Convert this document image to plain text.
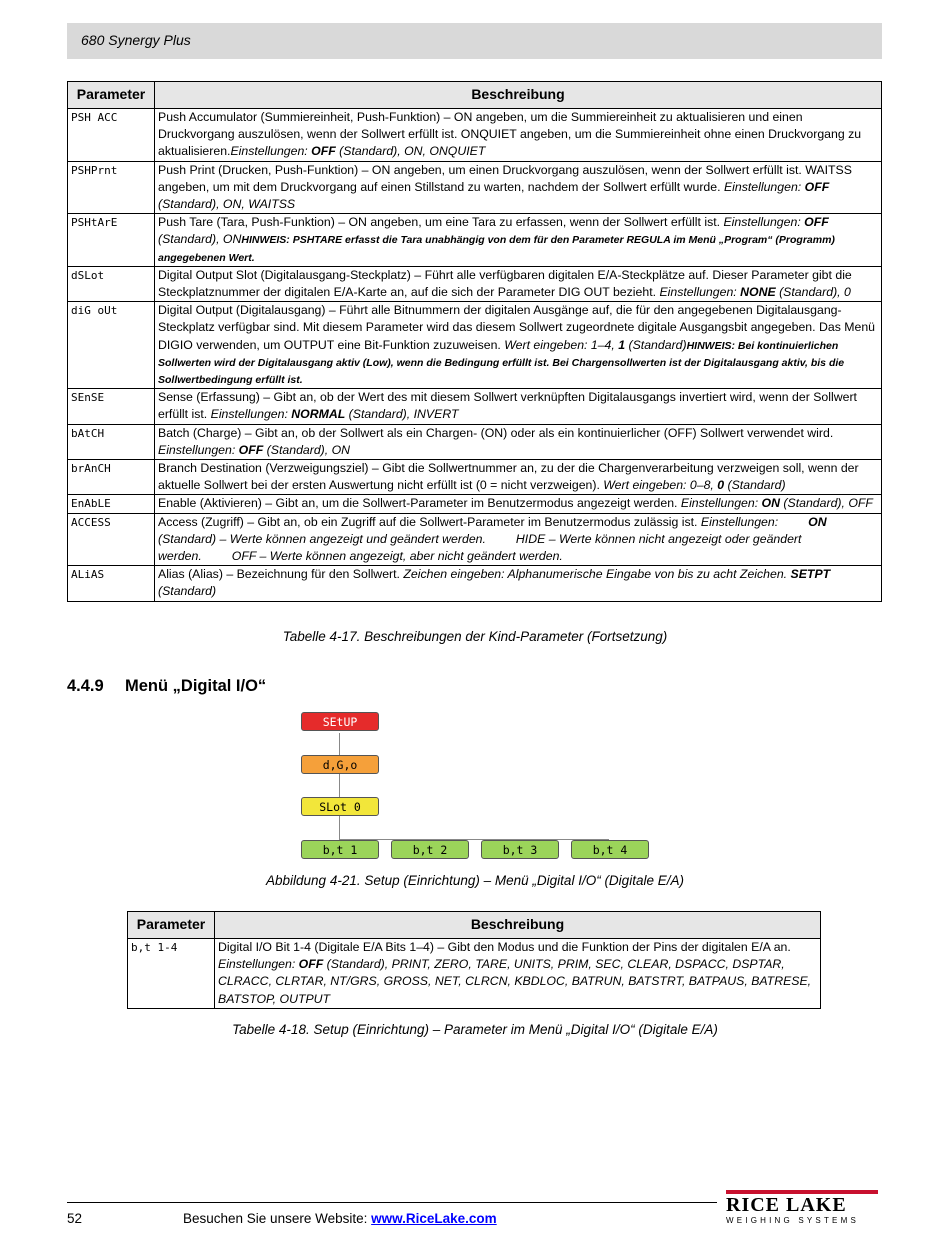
680 Synergy Plus
Parameter	Beschreibung
PSH ACC	Push Accumulator (Summiereinheit, Push-Funktion) – ON angeben, um die Summiereinheit zu aktualisieren und einen Druckvorgang auszulösen, wenn der Sollwert erfüllt ist. ONQUIET angeben, um die Summiereinheit ohne einen Druckvorgang zu aktualisieren.Einstellungen: OFF (Standard), ON, ONQUIET
PSHPrnt	Push Print (Drucken, Push-Funktion) – ON angeben, um einen Druckvorgang auszulösen, wenn der Sollwert erfüllt ist. WAITSS angeben, um mit dem Druckvorgang auf einen Stillstand zu warten, nachdem der Sollwert erfüllt wurde. Einstellungen: OFF (Standard), ON, WAITSS
PSHtArE	Push Tare (Tara, Push-Funktion) – ON angeben, um eine Tara zu erfassen, wenn der Sollwert erfüllt ist. Einstellungen: OFF (Standard), ONHINWEIS: PSHTARE erfasst die Tara unabhängig von dem für den Parameter REGULA im Menü „Program“ (Programm) angegebenen Wert.
dSLot	Digital Output Slot (Digitalausgang-Steckplatz) – Führt alle verfügbaren digitalen E/A-Steckplätze auf. Dieser Parameter gibt die Steckplatznummer der digitalen E/A-Karte an, auf die sich der Parameter DIG OUT bezieht. Einstellungen: NONE (Standard), 0
diG oUt	Digital Output (Digitalausgang) – Führt alle Bitnummern der digitalen Ausgänge auf, die für den angegebenen Digitalausgang-Steckplatz verfügbar sind. Mit diesem Parameter wird das diesem Sollwert zugeordnete digitale Ausgangsbit angegeben. Das Menü DIGIO verwenden, um OUTPUT eine Bit-Funktion zuzuweisen. Wert eingeben: 1–4, 1 (Standard)HINWEIS: Bei kontinuierlichen Sollwerten wird der Digitalausgang aktiv (Low), wenn die Bedingung erfüllt ist. Bei Chargensollwerten ist der Digitalausgang aktiv, bis die Sollwertbedingung erfüllt ist.
SEnSE	Sense (Erfassung) – Gibt an, ob der Wert des mit diesem Sollwert verknüpften Digitalausgangs invertiert wird, wenn der Sollwert erfüllt ist. Einstellungen: NORMAL (Standard), INVERT
bAtCH	Batch (Charge) – Gibt an, ob der Sollwert als ein Chargen- (ON) oder als ein kontinuierlicher (OFF) Sollwert verwendet wird. Einstellungen: OFF (Standard), ON
brAnCH	Branch Destination (Verzweigungsziel) – Gibt die Sollwertnummer an, zu der die Chargenverarbeitung verzweigen soll, wenn der aktuelle Sollwert bei der ersten Auswertung nicht erfüllt ist (0 = nicht verzweigen). Wert eingeben: 0–8, 0 (Standard)
EnAbLE	Enable (Aktivieren) – Gibt an, um die Sollwert-Parameter im Benutzermodus angezeigt werden. Einstellungen: ON (Standard), OFF
ACCESS	Access (Zugriff) – Gibt an, ob ein Zugriff auf die Sollwert-Parameter im Benutzermodus zulässig ist. Einstellungen: ON (Standard) – Werte können angezeigt und geändert werden. HIDE – Werte können nicht angezeigt oder geändert werden. OFF – Werte können angezeigt, aber nicht geändert werden.
ALiAS	Alias (Alias) – Bezeichnung für den Sollwert. Zeichen eingeben: Alphanumerische Eingabe von bis zu acht Zeichen. SETPT (Standard)
Tabelle 4-17. Beschreibungen der Kind-Parameter (Fortsetzung)
4.4.9 Menü „Digital I/O“
SEtUP
d,G,o
SLot 0
b,t 1	b,t 2	b,t 3	b,t 4
Abbildung 4-21. Setup (Einrichtung) – Menü „Digital I/O“ (Digitale E/A)
Parameter	Beschreibung
b,t 1-4	Digital I/O Bit 1-4 (Digitale E/A Bits 1–4) – Gibt den Modus und die Funktion der Pins der digitalen E/A an.
Einstellungen: OFF (Standard), PRINT, ZERO, TARE, UNITS, PRIM, SEC, CLEAR, DSPACC, DSPTAR, CLRACC, CLRTAR, NT/GRS, GROSS, NET, CLRCN, KBDLOC, BATRUN, BATSTRT, BATPAUS, BATRESE, BATSTOP, OUTPUT
Tabelle 4-18. Setup (Einrichtung) – Parameter im Menü „Digital I/O“ (Digitale E/A)
52	Besuchen Sie unsere Website: www.RiceLake.com
RICE LAKE
WEIGHING SYSTEMS
